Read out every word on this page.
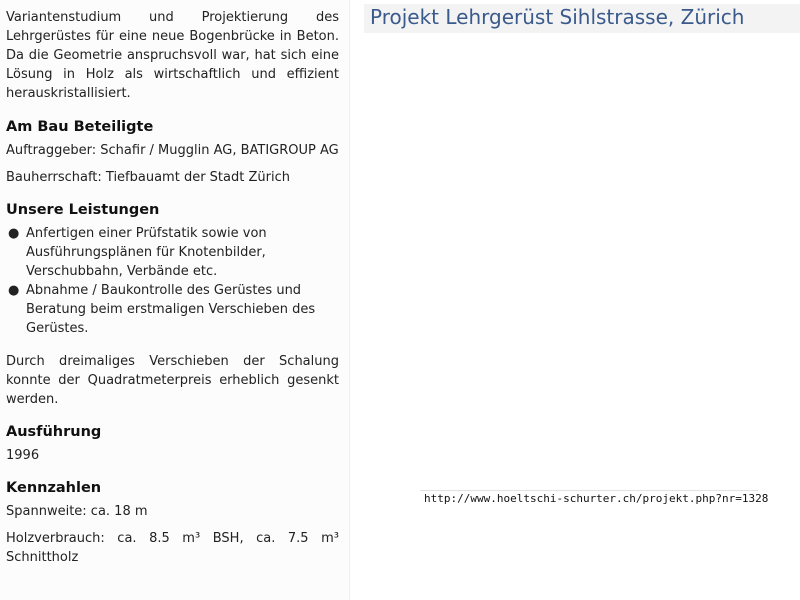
Variantenstudium und Projektierung des Lehrgerüstes für eine neue Bogenbrücke in Beton. Da die Geometrie anspruchsvoll war, hat sich eine Lösung in Holz als wirtschaftlich und effizient herauskristallisiert.

Am Bau Beteiligte

Auftraggeber: Schafir / Mugglin AG, BATIGROUP AG

Bauherrschaft: Tiefbauamt der Stadt Zürich

Unsere Leistungen
● Anfertigen einer Prüfstatik sowie von Ausführungsplänen für Knotenbilder, Verschubbahn, Verbände etc.
● Abnahme / Baukontrolle des Gerüstes und Beratung beim erstmaligen Verschieben des Gerüstes.

Durch dreimaliges Verschieben der Schalung konnte der Quadratmeterpreis erheblich gesenkt werden.

Ausführung

1996

Kennzahlen

Spannweite: ca. 18 m

Holzverbrauch: ca. 8.5 m³ BSH, ca. 7.5 m³ Schnittholz

Projekt Lehrgerüst Sihlstrasse, Zürich
http://www.hoeltschi-schurter.ch/projekt.php?nr=1328
